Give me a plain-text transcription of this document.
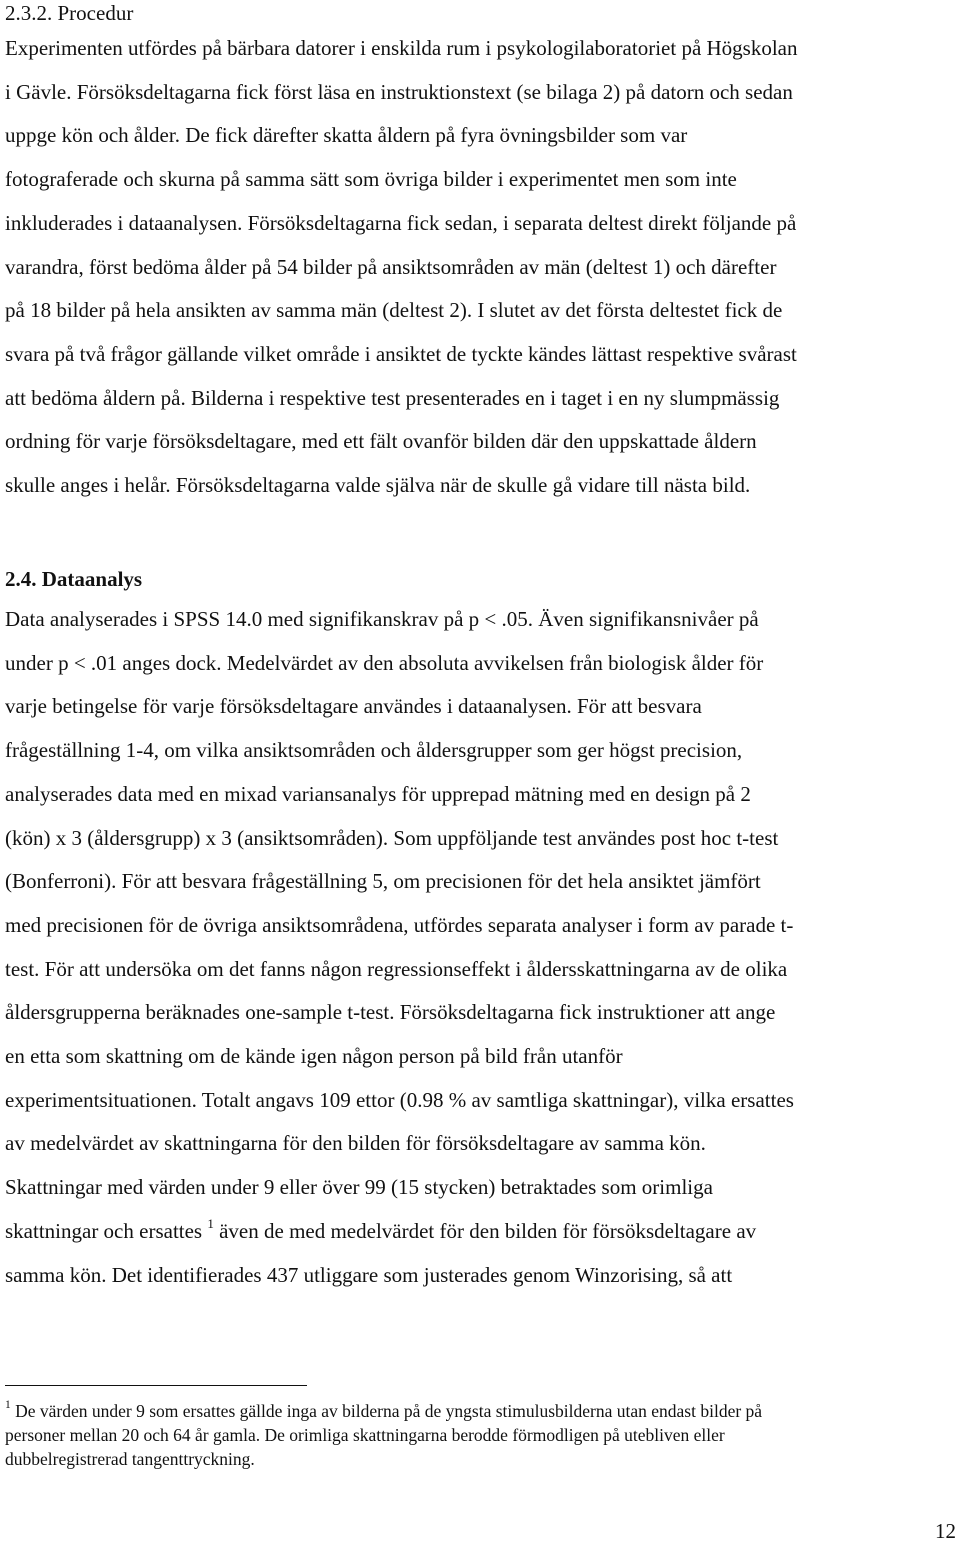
2.3.2. Procedur
Experimenten utfördes på bärbara datorer i enskilda rum i psykologilaboratoriet på Högskolan
i Gävle. Försöksdeltagarna fick först läsa en instruktionstext (se bilaga 2) på datorn och sedan
uppge kön och ålder. De fick därefter skatta åldern på fyra övningsbilder som var
fotograferade och skurna på samma sätt som övriga bilder i experimentet men som inte
inkluderades i dataanalysen. Försöksdeltagarna fick sedan, i separata deltest direkt följande på
varandra, först bedöma ålder på 54 bilder på ansiktsområden av män (deltest 1) och därefter
på 18 bilder på hela ansikten av samma män (deltest 2). I slutet av det första deltestet fick de
svara på två frågor gällande vilket område i ansiktet de tyckte kändes lättast respektive svårast
att bedöma åldern på. Bilderna i respektive test presenterades en i taget i en ny slumpmässig
ordning för varje försöksdeltagare, med ett fält ovanför bilden där den uppskattade åldern
skulle anges i helår. Försöksdeltagarna valde själva när de skulle gå vidare till nästa bild.
2.4. Dataanalys
Data analyserades i SPSS 14.0 med signifikanskrav på p < .05. Även signifikansnivåer på
under p < .01 anges dock. Medelvärdet av den absoluta avvikelsen från biologisk ålder för
varje betingelse för varje försöksdeltagare användes i dataanalysen. För att besvara
frågeställning 1-4, om vilka ansiktsområden och åldersgrupper som ger högst precision,
analyserades data med en mixad variansanalys för upprepad mätning med en design på 2
(kön) x 3 (åldersgrupp) x 3 (ansiktsområden). Som uppföljande test användes post hoc t-test
(Bonferroni). För att besvara frågeställning 5, om precisionen för det hela ansiktet jämfört
med precisionen för de övriga ansiktsområdena, utfördes separata analyser i form av parade t-
test. För att undersöka om det fanns någon regressionseffekt i åldersskattningarna av de olika
åldersgrupperna beräknades one-sample t-test. Försöksdeltagarna fick instruktioner att ange
en etta som skattning om de kände igen någon person på bild från utanför
experimentsituationen. Totalt angavs 109 ettor (0.98 % av samtliga skattningar), vilka ersattes
av medelvärdet av skattningarna för den bilden för försöksdeltagare av samma kön.
Skattningar med värden under 9 eller över 99 (15 stycken) betraktades som orimliga
skattningar och ersattes $^1$ även de med medelvärdet för den bilden för försöksdeltagare av
samma kön. Det identifierades 437 utliggare som justerades genom Winzorising, så att
$^1$ De värden under 9 som ersattes gällde inga av bilderna på de yngsta stimulusbilderna utan endast bilder på
personer mellan 20 och 64 år gamla. De orimliga skattningarna berodde förmodligen på utebliven eller
dubbelregistrerad tangenttryckning.
12
